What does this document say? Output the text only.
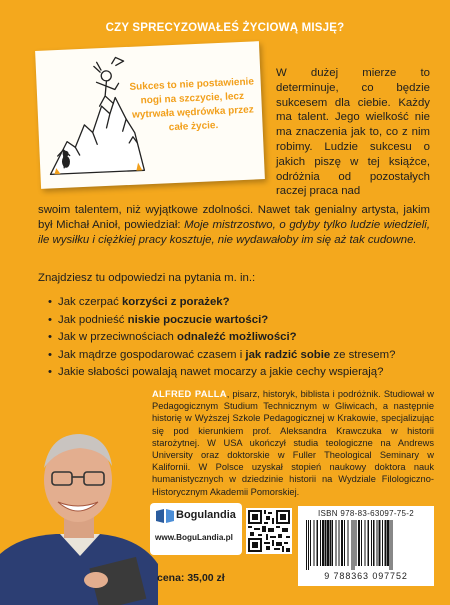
CZY SPRECYZOWAŁEŚ ŻYCIOWĄ MISJĘ?
Sukces to nie postawienie nogi na szczycie, lecz wytrwała wędrówka przez całe życie.
W dużej mierze to determinuje, co będzie sukcesem dla ciebie. Każdy ma talent. Jego wielkość nie ma znaczenia jak to, co z nim robimy. Ludzie sukcesu o jakich piszę w tej książce, odróżnia od pozostałych raczej praca nad
swoim talentem, niż wyjątkowe zdolności. Nawet tak genialny artysta, jakim był Michał Anioł, powiedział: Moje mistrzostwo, o gdyby tylko ludzie wiedzieli, ile wysiłku i ciężkiej pracy kosztuje, nie wydawałoby im się aż tak cudowne.
Znajdziesz tu odpowiedzi na pytania m. in.:
• Jak czerpać korzyści z porażek?
• Jak podnieść niskie poczucie wartości?
• Jak w przeciwnościach odnaleźć możliwości?
• Jak mądrze gospodarować czasem i jak radzić sobie ze stresem?
• Jakie słabości powalają nawet mocarzy a jakie cechy wspierają?
ALFRED PALLA, pisarz, historyk, biblista i podróżnik. Studiował w Pedagogicznym Studium Technicznym w Gliwicach, a następnie historię w Wyższej Szkole Pedagogicznej w Krakowie, specjalizując się pod kierunkiem prof. Aleksandra Krawczuka w historii starożytnej. W USA ukończył studia teologiczne na Andrews University oraz doktorskie w Fuller Theological Seminary w Kalifornii. W Polsce uzyskał stopień naukowy doktora nauk humanistycznych w dziedzinie historii na Wydziale Filologiczno-Historycznym Akademii Pomorskiej.
Bogulandia
www.BoguLandia.pl
cena: 35,00 zł
ISBN 978-83-63097-75-2
9 788363 097752
